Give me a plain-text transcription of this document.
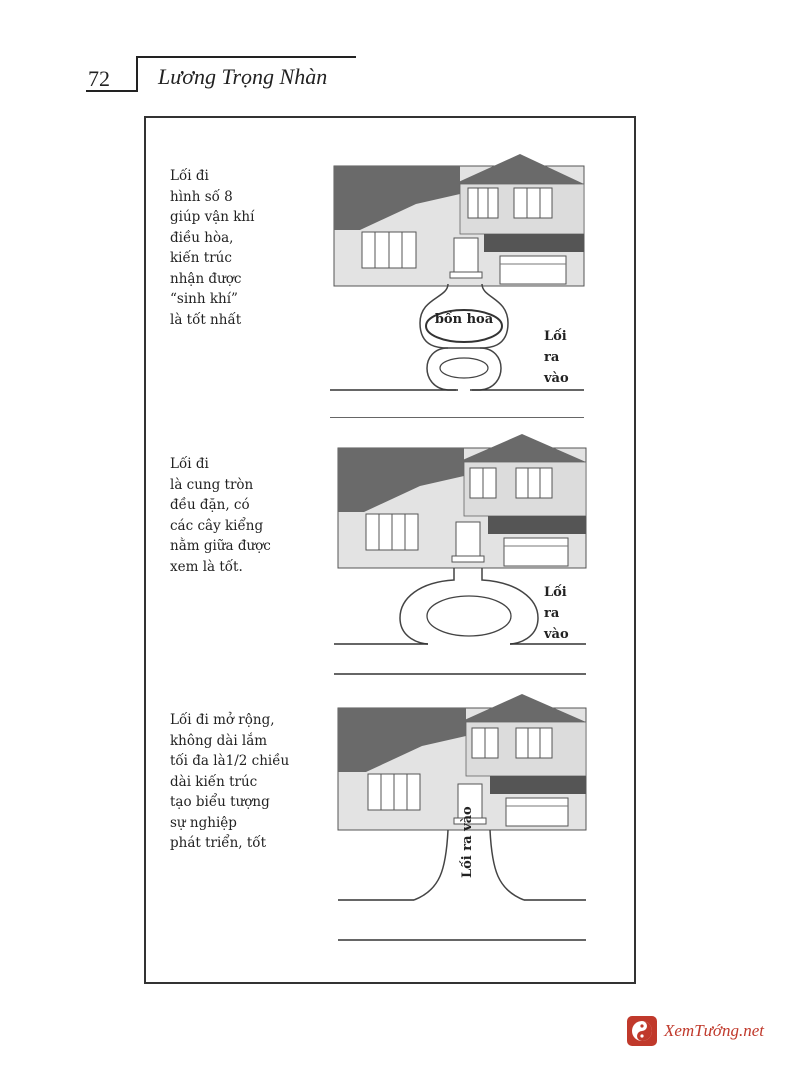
72 Lương Trọng Nhàn
Lối đi
hình số 8
giúp vận khí
điều hòa,
kiến trúc
nhận được
“sinh khí”
là tốt nhất	bồn hoa
Lối
ra
vào
Lối đi
là cung tròn
đều đặn, có
các cây kiểng
nằm giữa được
xem là tốt.
Lối
ra
vào
Lối đi mở rộng,
không dài lắm
tối đa là1/2 chiều
dài kiến trúc
tạo biểu tượng
sự nghiệp
phát triển, tốt	Lối ra vào
XemTướng.net
